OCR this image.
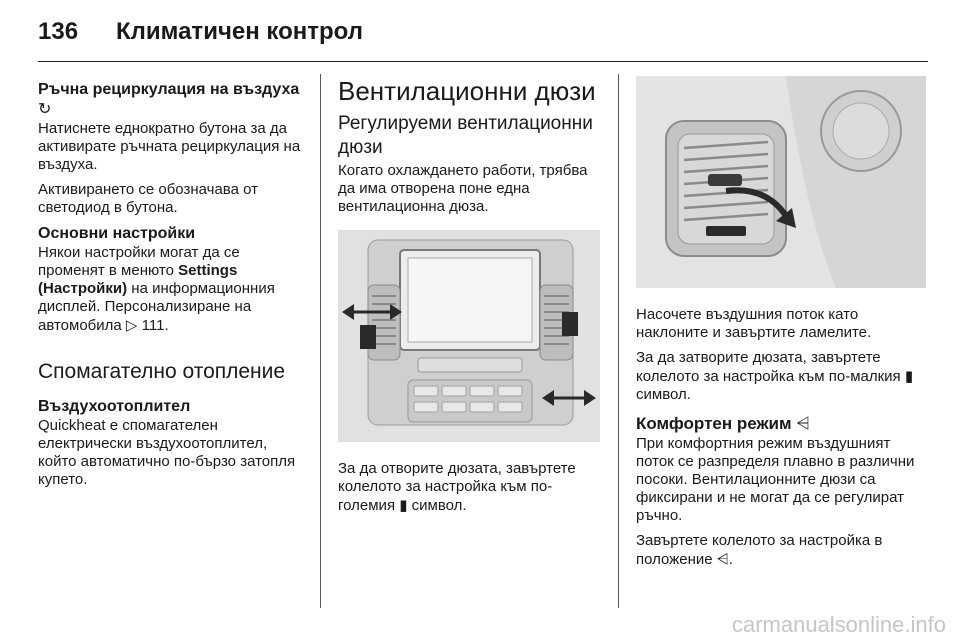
136 Климатичен контрол
Ръчна рециркулация на въздуха ↻

Натиснете еднократно бутона за да активирате ръчната рециркулация на въздуха.

Активирането се обозначава от светодиод в бутона.

Основни настройки

Някои настройки могат да се променят в менюто Settings (Настройки) на информационния дисплей. Персонализиране на автомобила ▷ 111.

Спомагателно отопление
Въздухоотоплител

Quickheat е спомагателен електрически въздухоотоплител, който автоматично по-бързо затопля купето.

Вентилационни дюзи
Регулируеми вентилационни дюзи

Когато охлаждането работи, трябва да има отворена поне една вентилационна дюза.

За да отворите дюзата, завъртете колелото за настройка към по-големия ▮ символ.

Насочете въздушния поток като наклоните и завъртите ламелите.

За да затворите дюзата, завъртете колелото за настройка към по-малкия ▮ символ.

Комфортен режим ⩤

При комфортния режим въздушният поток се разпределя плавно в различни посоки. Вентилационните дюзи са фиксирани и не могат да се регулират ръчно.

Завъртете колелото за настройка в положение ⩤.

carmanualsonline.info
